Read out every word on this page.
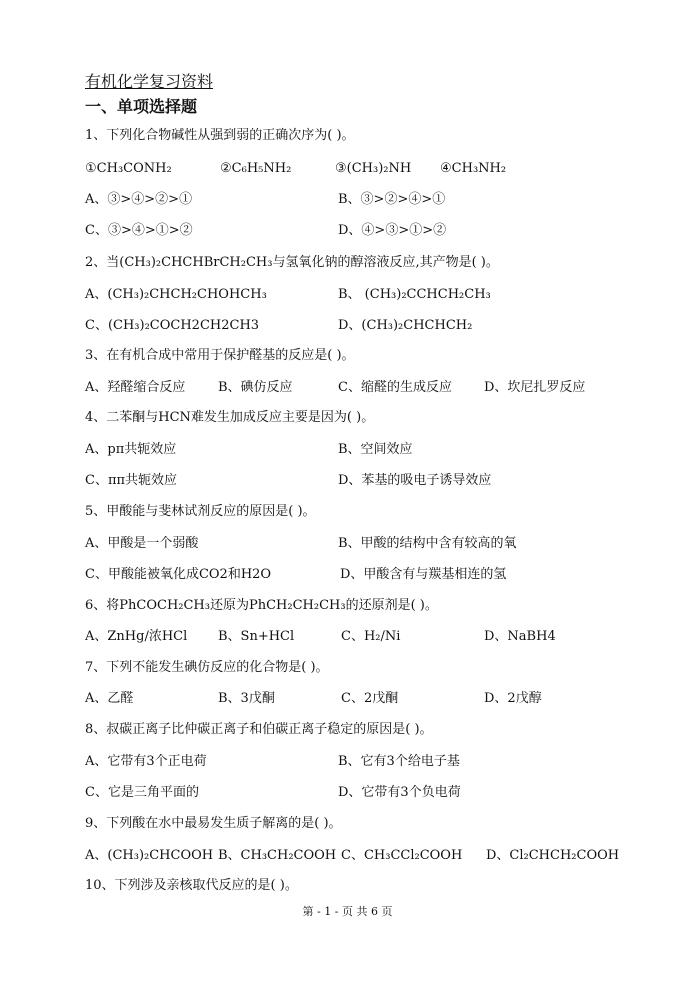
有机化学复习资料
一、单项选择题
1、下列化合物碱性从强到弱的正确次序为( )。
①CH₃CONH₂	②C₆H₅NH₂	③(CH₃)₂NH ④CH₃NH₂
A、③>④>②>①	B、③>②>④>①
C、③>④>①>②	D、④>③>①>②
2、当(CH₃)₂CHCHBrCH₂CH₃与氢氧化钠的醇溶液反应,其产物是( )。
A、(CH₃)₂CHCH₂CHOHCH₃	B、 (CH₃)₂CCHCH₂CH₃
C、(CH₃)₂COCH2CH2CH3	D、(CH₃)₂CHCHCH₂
3、在有机合成中常用于保护醛基的反应是( )。
A、羟醛缩合反应	B、碘仿反应	C、缩醛的生成反应 D、坎尼扎罗反应
4、二苯酮与HCN难发生加成反应主要是因为( )。
A、pπ共轭效应	B、空间效应
C、ππ共轭效应	D、苯基的吸电子诱导效应
5、甲酸能与斐林试剂反应的原因是( )。
A、甲酸是一个弱酸	B、甲酸的结构中含有较高的氧
C、甲酸能被氧化成CO2和H2O	D、甲酸含有与羰基相连的氢
6、将PhCOCH₂CH₃还原为PhCH₂CH₂CH₃的还原剂是( )。
A、ZnHg/浓HCl B、Sn+HCl	C、H₂/Ni	D、NaBH4
7、下列不能发生碘仿反应的化合物是( )。
A、乙醛	B、3戊酮	C、2戊酮	D、2戊醇
8、叔碳正离子比仲碳正离子和伯碳正离子稳定的原因是( )。
A、它带有3个正电荷	B、它有3个给电子基
C、它是三角平面的	D、它带有3个负电荷
9、下列酸在水中最易发生质子解离的是( )。
A、(CH₃)₂CHCOOH B、CH₃CH₂COOH C、CH₃CCl₂COOH D、Cl₂CHCH₂COOH
10、下列涉及亲核取代反应的是( )。
第 - 1 - 页 共 6 页
